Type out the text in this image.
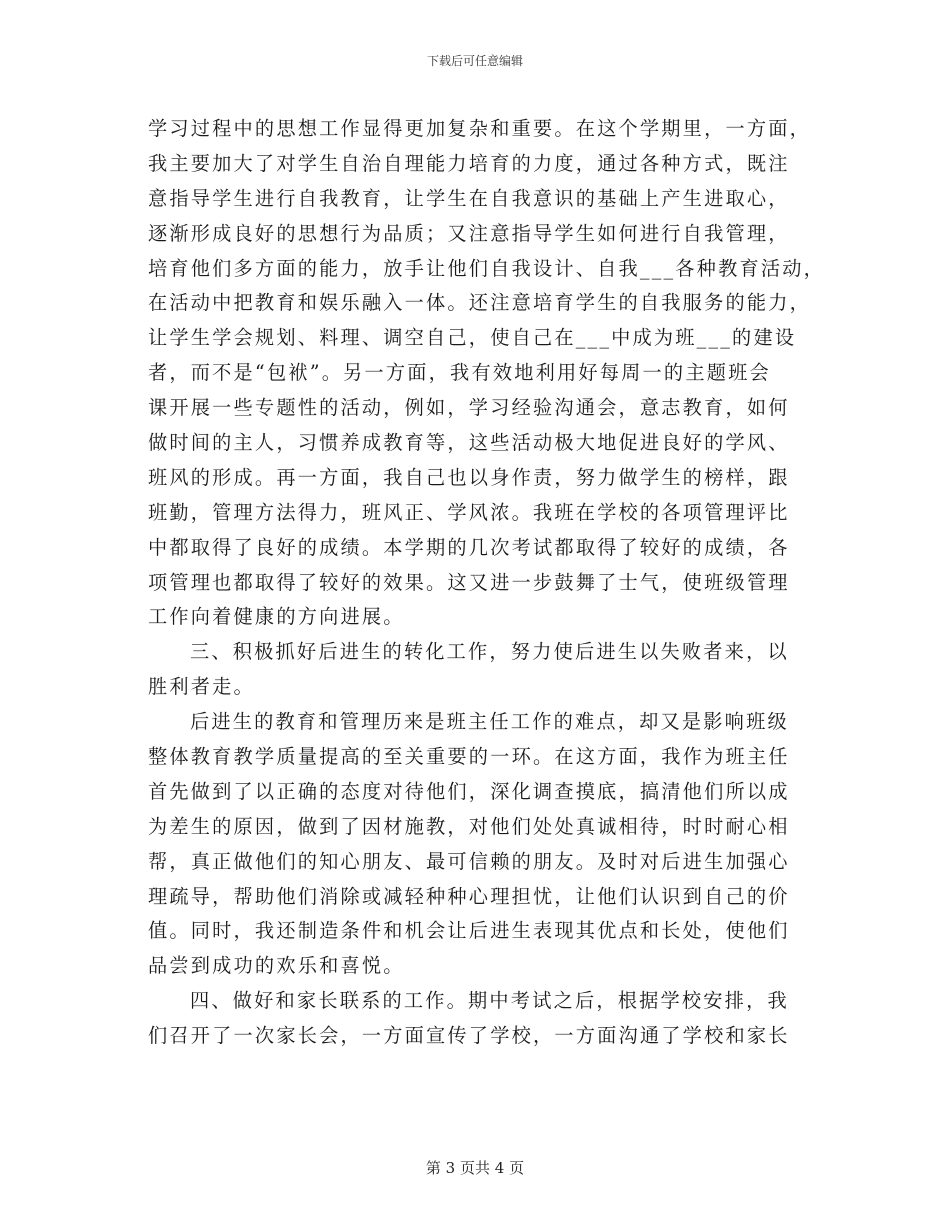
下载后可任意编辑
学习过程中的思想工作显得更加复杂和重要。在这个学期里，一方面，
我主要加大了对学生自治自理能力培育的力度，通过各种方式，既注
意指导学生进行自我教育，让学生在自我意识的基础上产生进取心，
逐渐形成良好的思想行为品质；又注意指导学生如何进行自我管理，
培育他们多方面的能力，放手让他们自我设计、自我___各种教育活动，
在活动中把教育和娱乐融入一体。还注意培育学生的自我服务的能力，
让学生学会规划、料理、调空自己，使自己在___中成为班___的建设
者，而不是“包袱”。另一方面，我有效地利用好每周一的主题班会
课开展一些专题性的活动，例如，学习经验沟通会，意志教育，如何
做时间的主人，习惯养成教育等，这些活动极大地促进良好的学风、
班风的形成。再一方面，我自己也以身作责，努力做学生的榜样，跟
班勤，管理方法得力，班风正、学风浓。我班在学校的各项管理评比
中都取得了良好的成绩。本学期的几次考试都取得了较好的成绩，各
项管理也都取得了较好的效果。这又进一步鼓舞了士气，使班级管理
工作向着健康的方向进展。
三、积极抓好后进生的转化工作，努力使后进生以失败者来，以
胜利者走。
后进生的教育和管理历来是班主任工作的难点，却又是影响班级
整体教育教学质量提高的至关重要的一环。在这方面，我作为班主任
首先做到了以正确的态度对待他们，深化调查摸底，搞清他们所以成
为差生的原因，做到了因材施教，对他们处处真诚相待，时时耐心相
帮，真正做他们的知心朋友、最可信赖的朋友。及时对后进生加强心
理疏导，帮助他们消除或减轻种种心理担忧，让他们认识到自己的价
值。同时，我还制造条件和机会让后进生表现其优点和长处，使他们
品尝到成功的欢乐和喜悦。
四、做好和家长联系的工作。期中考试之后，根据学校安排，我
们召开了一次家长会，一方面宣传了学校，一方面沟通了学校和家长
第 3 页共 4 页
